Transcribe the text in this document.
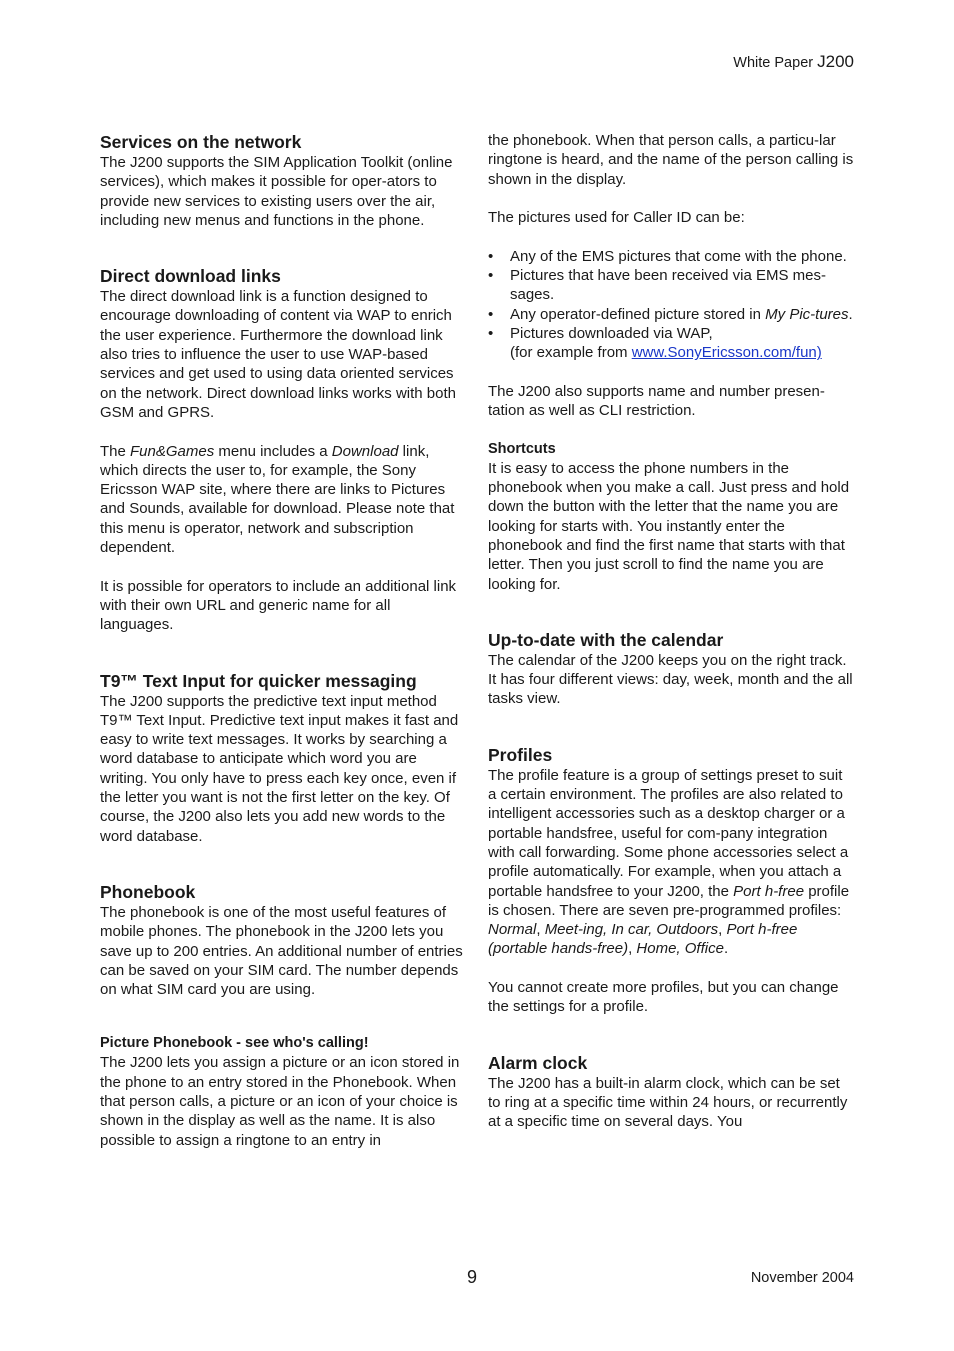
White Paper J200
Services on the network

The J200 supports the SIM Application Toolkit (online services), which makes it possible for oper-ators to provide new services to existing users over the air, including new menus and functions in the phone.

Direct download links

The direct download link is a function designed to encourage downloading of content via WAP to enrich the user experience. Furthermore the download link also tries to influence the user to use WAP-based services and get used to using data oriented services on the network. Direct download links works with both GSM and GPRS.

The Fun&Games menu includes a Download link, which directs the user to, for example, the Sony Ericsson WAP site, where there are links to Pictures and Sounds, available for download. Please note that this menu is operator, network and subscription dependent.

It is possible for operators to include an additional link with their own URL and generic name for all languages.

T9™ Text Input for quicker messaging

The J200 supports the predictive text input method T9™ Text Input. Predictive text input makes it fast and easy to write text messages. It works by searching a word database to anticipate which word you are writing. You only have to press each key once, even if the letter you want is not the first letter on the key. Of course, the J200 also lets you add new words to the word database.

Phonebook

The phonebook is one of the most useful features of mobile phones. The phonebook in the J200 lets you save up to 200 entries. An additional number of entries can be saved on your SIM card. The number depends on what SIM card you are using.

Picture Phonebook - see who's calling!

The J200 lets you assign a picture or an icon stored in the phone to an entry stored in the Phonebook. When that person calls, a picture or an icon of your choice is shown in the display as well as the name. It is also possible to assign a ringtone to an entry in

the phonebook. When that person calls, a particu-lar ringtone is heard, and the name of the person calling is shown in the display.

The pictures used for Caller ID can be:

• Any of the EMS pictures that come with the phone.
• Pictures that have been received via EMS mes-sages.
• Any operator-defined picture stored in My Pic-tures.
• Pictures downloaded via WAP,
(for example from www.SonyEricsson.com/fun)

The J200 also supports name and number presen-tation as well as CLI restriction.

Shortcuts

It is easy to access the phone numbers in the phonebook when you make a call. Just press and hold down the button with the letter that the name you are looking for starts with. You instantly enter the phonebook and find the first name that starts with that letter. Then you just scroll to find the name you are looking for.

Up-to-date with the calendar

The calendar of the J200 keeps you on the right track. It has four different views: day, week, month and the all tasks view.

Profiles

The profile feature is a group of settings preset to suit a certain environment. The profiles are also related to intelligent accessories such as a desktop charger or a portable handsfree, useful for com-pany integration with call forwarding. Some phone accessories select a profile automatically. For example, when you attach a portable handsfree to your J200, the Port h-free profile is chosen. There are seven pre-programmed profiles: Normal, Meet-ing, In car, Outdoors, Port h-free (portable hands-free), Home, Office.

You cannot create more profiles, but you can change the settings for a profile.

Alarm clock

The J200 has a built-in alarm clock, which can be set to ring at a specific time within 24 hours, or recurrently at a specific time on several days. You

9	November 2004
